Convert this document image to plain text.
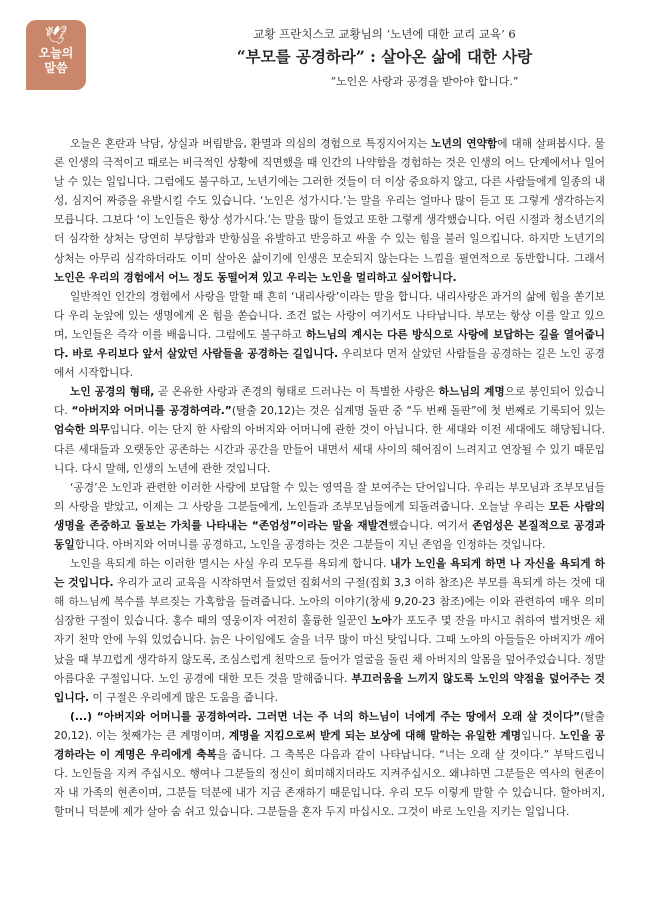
🕊
오늘의
말씀
교황 프란치스코 교황님의 ‘노년에 대한 교리 교육’ 6
“부모를 공경하라” : 살아온 삶에 대한 사랑
“노인은 사랑과 공경을 받아야 합니다.”

오늘은 혼란과 낙담, 상실과 버림받음, 환멸과 의심의 경험으로 특징지어지는 노년의 연약함에 대해 살펴봅시다. 물론 인생의 극적이고 때로는 비극적인 상황에 직면했을 때 인간의 나약함을 경험하는 것은 인생의 어느 단계에서나 일어날 수 있는 일입니다. 그럼에도 불구하고, 노년기에는 그러한 것들이 더 이상 중요하지 않고, 다른 사람들에게 일종의 내성, 심지어 짜증을 유발시킬 수도 있습니다. ‘노인은 성가시다.’는 말을 우리는 얼마나 많이 듣고 또 그렇게 생각하는지 모릅니다. 그보다 ‘이 노인들은 항상 성가시다.’는 말을 많이 들었고 또한 그렇게 생각했습니다. 어린 시절과 청소년기의 더 심각한 상처는 당연히 부당함과 반항심을 유발하고 반응하고 싸울 수 있는 힘을 불러 일으킵니다. 하지만 노년기의 상처는 아무리 심각하더라도 이미 살아온 삶이기에 인생은 모순되지 않는다는 느낌을 필연적으로 동반합니다. 그래서 노인은 우리의 경험에서 어느 정도 동떨어져 있고 우리는 노인을 멀리하고 싶어합니다.

일반적인 인간의 경험에서 사랑을 말할 때 흔히 ‘내리사랑’이라는 말을 합니다. 내리사랑은 과거의 삶에 힘을 쏟기보다 우리 눈앞에 있는 생명에게 온 힘을 쏟습니다. 조건 없는 사랑이 여기서도 나타납니다. 부모는 항상 이를 알고 있으며, 노인들은 즉각 이를 배웁니다. 그럼에도 불구하고 하느님의 계시는 다른 방식으로 사랑에 보답하는 길을 열어줍니다. 바로 우리보다 앞서 살았던 사람들을 공경하는 길입니다. 우리보다 먼저 살았던 사람들을 공경하는 길은 노인 공경에서 시작합니다.

노인 공경의 형태, 곧 온유한 사랑과 존경의 형태로 드러나는 이 특별한 사랑은 하느님의 계명으로 봉인되어 있습니다. “아버지와 어머니를 공경하여라.”(탈출 20,12)는 것은 십계명 돌판 중 “두 번째 돌판”에 첫 번째로 기록되어 있는 엄숙한 의무입니다. 이는 단지 한 사람의 아버지와 어머니에 관한 것이 아닙니다. 한 세대와 이전 세대에도 해당됩니다. 다른 세대들과 오랫동안 공존하는 시간과 공간을 만들어 내면서 세대 사이의 헤어짐이 느려지고 연장될 수 있기 때문입니다. 다시 말해, 인생의 노년에 관한 것입니다.

‘공경’은 노인과 관련한 이러한 사랑에 보답할 수 있는 영역을 잘 보여주는 단어입니다. 우리는 부모님과 조부모님들의 사랑을 받았고, 이제는 그 사랑을 그분들에게, 노인들과 조부모님들에게 되돌려줍니다. 오늘날 우리는 모든 사람의 생명을 존중하고 돌보는 가치를 나타내는 “존엄성”이라는 말을 재발견했습니다. 여기서 존엄성은 본질적으로 공경과 동일합니다. 아버지와 어머니를 공경하고, 노인을 공경하는 것은 그분들이 지닌 존엄을 인정하는 것입니다.

노인을 욕되게 하는 이러한 멸시는 사실 우리 모두를 욕되게 합니다. 내가 노인을 욕되게 하면 나 자신을 욕되게 하는 것입니다. 우리가 교리 교육을 시작하면서 들었던 집회서의 구절(집회 3,3 이하 참조)은 부모를 욕되게 하는 것에 대해 하느님께 복수를 부르짖는 가혹함을 들려줍니다. 노아의 이야기(창세 9,20-23 참조)에는 이와 관련하여 매우 의미심장한 구절이 있습니다. 홍수 때의 영웅이자 여전히 훌륭한 일꾼인 노아가 포도주 몇 잔을 마시고 취하여 벌거벗은 채 자기 천막 안에 누워 있었습니다. 늙은 나이임에도 술을 너무 많이 마신 탓입니다. 그때 노아의 아들들은 아버지가 깨어났을 때 부끄럽게 생각하지 않도록, 조심스럽게 천막으로 들어가 얼굴을 돌린 채 아버지의 알몸을 덮어주었습니다. 정말 아름다운 구절입니다. 노인 공경에 대한 모든 것을 말해줍니다. 부끄러움을 느끼지 않도록 노인의 약점을 덮어주는 것입니다. 이 구절은 우리에게 많은 도움을 줍니다.

(...) “아버지와 어머니를 공경하여라. 그러면 너는 주 너의 하느님이 너에게 주는 땅에서 오래 살 것이다”(탈출 20,12). 이는 첫째가는 큰 계명이며, 계명을 지킴으로써 받게 되는 보상에 대해 말하는 유일한 계명입니다. 노인을 공경하라는 이 계명은 우리에게 축복을 줍니다. 그 축복은 다음과 같이 나타납니다. “너는 오래 살 것이다.” 부탁드립니다. 노인들을 지켜 주십시오. 행여나 그분들의 정신이 희미해지더라도 지켜주십시오. 왜냐하면 그분들은 역사의 현존이자 내 가족의 현존이며, 그분들 덕분에 내가 지금 존재하기 때문입니다. 우리 모두 이렇게 말할 수 있습니다. 할아버지, 할머니 덕분에 제가 살아 숨 쉬고 있습니다. 그분들을 혼자 두지 마십시오. 그것이 바로 노인을 지키는 일입니다.
